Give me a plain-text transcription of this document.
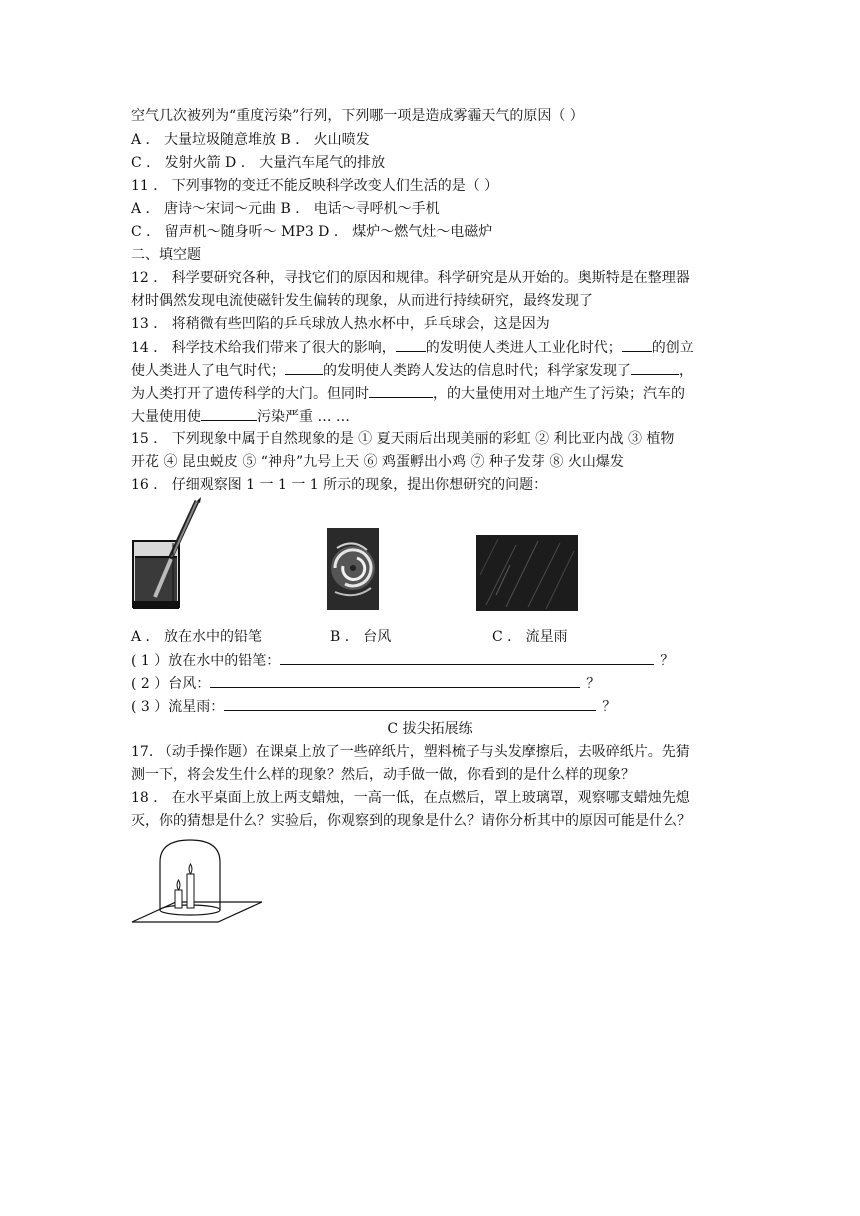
空气几次被列为“重度污染”行列，下列哪一项是造成雾霾天气的原因（ ）
A ． 大量垃圾随意堆放 B ． 火山喷发
C ． 发射火箭 D ． 大量汽车尾气的排放
11 ． 下列事物的变迁不能反映科学改变人们生活的是（ ）
A ． 唐诗～宋词～元曲 B ． 电话～寻呼机～手机
C ． 留声机～随身听～ MP3 D ． 煤炉～燃气灶～电磁炉
二、填空题
12 ． 科学要研究各种，寻找它们的原因和规律。科学研究是从开始的。奥斯特是在整理器
材时偶然发现电流使磁针发生偏转的现象，从而进行持续研究，最终发现了
13 ． 将稍微有些凹陷的乒乓球放人热水杯中，乒乓球会，这是因为
14 ． 科学技术给我们带来了很大的影响， 的发明使人类进人工业化时代； 的创立
使人类进人了电气时代；	的发明使人类跨人发达的信息时代；科学家发现了	，
为人类打开了遗传科学的大门。但同时	，的大量使用对土地产生了污染；汽车的
大量使用使	污染严重 … …
15 ． 下列现象中属于自然现象的是 ① 夏天雨后出现美丽的彩虹 ② 利比亚内战 ③ 植物
开花 ④ 昆虫蜕皮 ⑤ “神舟”九号上天 ⑥ 鸡蛋孵出小鸡 ⑦ 种子发芽 ⑧ 火山爆发
16 ． 仔细观察图 1 一 1 一 1 所示的现象，提出你想研究的问题：
A ． 放在水中的铅笔	B ． 台风	C ． 流星雨
( 1 ）放在水中的铅笔：	？
( 2 ）台风：	？
( 3 ）流星雨：	？
C 拔尖拓展练
17. （动手操作题）在课桌上放了一些碎纸片，塑料梳子与头发摩擦后，去吸碎纸片。先猜
测一下，将会发生什么样的现象？然后，动手做一做，你看到的是什么样的现象？
18 ． 在水平桌面上放上两支蜡烛，一高一低，在点燃后，罩上玻璃罩，观察哪支蜡烛先熄
灭，你的猜想是什么？实验后，你观察到的现象是什么？请你分析其中的原因可能是什么？
